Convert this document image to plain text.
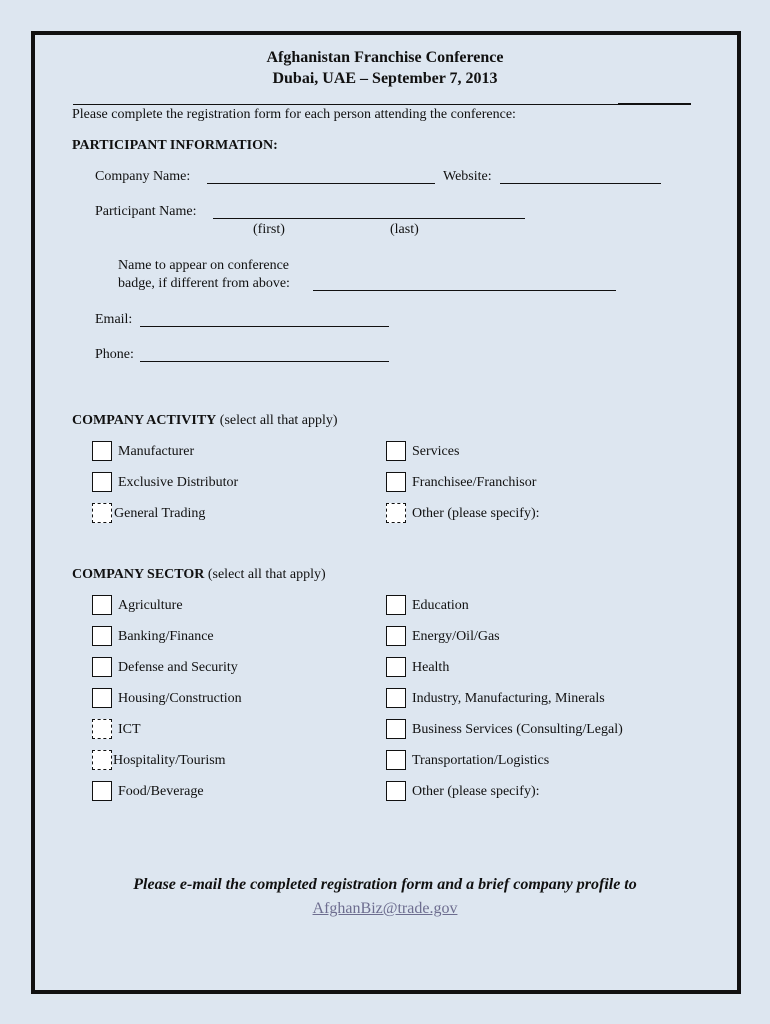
Afghanistan Franchise Conference
Dubai, UAE – September 7, 2013
Please complete the registration form for each person attending the conference:
PARTICIPANT INFORMATION:
Company Name:	Website:
Participant Name:
(first)	(last)
Name to appear on conference
badge, if different from above:
Email:
Phone:
COMPANY ACTIVITY (select all that apply)
Manufacturer
Exclusive Distributor
General Trading
Services
Franchisee/Franchisor
Other (please specify):
COMPANY SECTOR (select all that apply)
Agriculture
Banking/Finance
Defense and Security
Housing/Construction
ICT
Hospitality/Tourism
Food/Beverage
Education
Energy/Oil/Gas
Health
Industry, Manufacturing, Minerals
Business Services (Consulting/Legal)
Transportation/Logistics
Other (please specify):
Please e-mail the completed registration form and a brief company profile to
AfghanBiz@trade.gov
